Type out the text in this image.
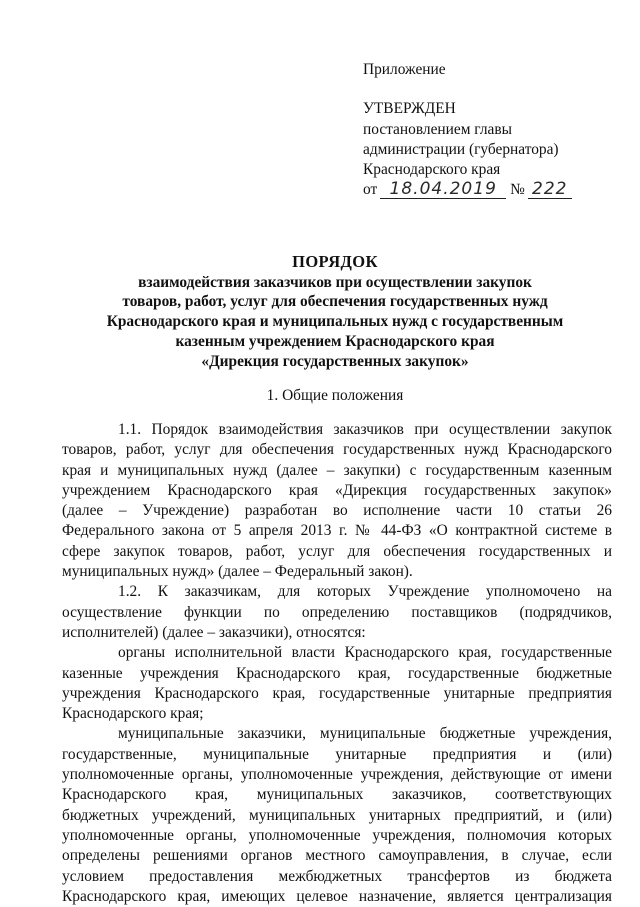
Приложение

УТВЕРЖДЕН

постановлением главы

администрации (губернатора)

Краснодарского края

от 18.04.2019 № 222

ПОРЯДОК
взаимодействия заказчиков при осуществлении закупок
товаров, работ, услуг для обеспечения государственных нужд
Краснодарского края и муниципальных нужд с государственным
казенным учреждением Краснодарского края
«Дирекция государственных закупок»
1. Общие положения
1.1. Порядок взаимодействия заказчиков при осуществлении закупок
товаров, работ, услуг для обеспечения государственных нужд Краснодарского
края и муниципальных нужд (далее – закупки) с государственным казенным
учреждением Краснодарского края «Дирекция государственных закупок»
(далее – Учреждение) разработан во исполнение части 10 статьи 26
Федерального закона от 5 апреля 2013 г. № 44-ФЗ «О контрактной системе в
сфере закупок товаров, работ, услуг для обеспечения государственных и
муниципальных нужд» (далее – Федеральный закон).
1.2. К заказчикам, для которых Учреждение уполномочено на
осуществление функции по определению поставщиков (подрядчиков,
исполнителей) (далее – заказчики), относятся:
органы исполнительной власти Краснодарского края, государственные
казенные учреждения Краснодарского края, государственные бюджетные
учреждения Краснодарского края, государственные унитарные предприятия
Краснодарского края;
муниципальные заказчики, муниципальные бюджетные учреждения,
государственные, муниципальные унитарные предприятия и (или)
уполномоченные органы, уполномоченные учреждения, действующие от имени
Краснодарского края, муниципальных заказчиков, соответствующих
бюджетных учреждений, муниципальных унитарных предприятий, и (или)
уполномоченные органы, уполномоченные учреждения, полномочия которых
определены решениями органов местного самоуправления, в случае, если
условием предоставления межбюджетных трансфертов из бюджета
Краснодарского края, имеющих целевое назначение, является централизация
